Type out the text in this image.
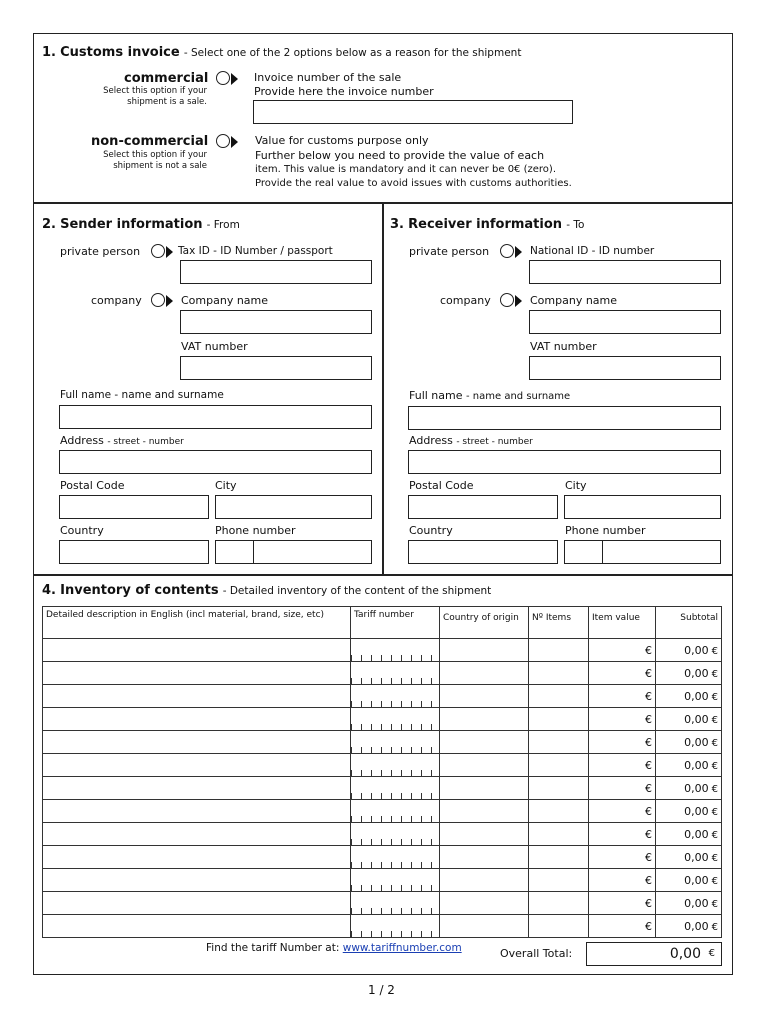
1. Customs invoice - Select one of the 2 options below as a reason for the shipment
commercial
Select this option if your
shipment is a sale.
Invoice number of the sale
Provide here the invoice number
non-commercial
Select this option if your
shipment is not a sale
Value for customs purpose only
Further below you need to provide the value of each
item. This value is mandatory and it can never be 0€ (zero).
Provide the real value to avoid issues with customs authorities.
2. Sender information - From
private person	Tax ID - ID Number / passport
company	Company name
VAT number
Full name - name and surname
Address - street - number
Postal Code	City
Country	Phone number
3. Receiver information - To
private person	National ID - ID number
company	Company name
VAT number
Full name - name and surname
Address - street - number
Postal Code	City
Country	Phone number
4. Inventory of contents - Detailed inventory of the content of the shipment
Detailed description in English (incl material, brand, size, etc)	Tariff number	Country of origin	Nº Items	Item value	Subtotal
				€	0,00 €
				€	0,00 €
				€	0,00 €
				€	0,00 €
				€	0,00 €
				€	0,00 €
				€	0,00 €
				€	0,00 €
				€	0,00 €
				€	0,00 €
				€	0,00 €
				€	0,00 €
				€	0,00 €
Find the tariff Number at: www.tariffnumber.com	Overall Total:	0,00 €
1 / 2
